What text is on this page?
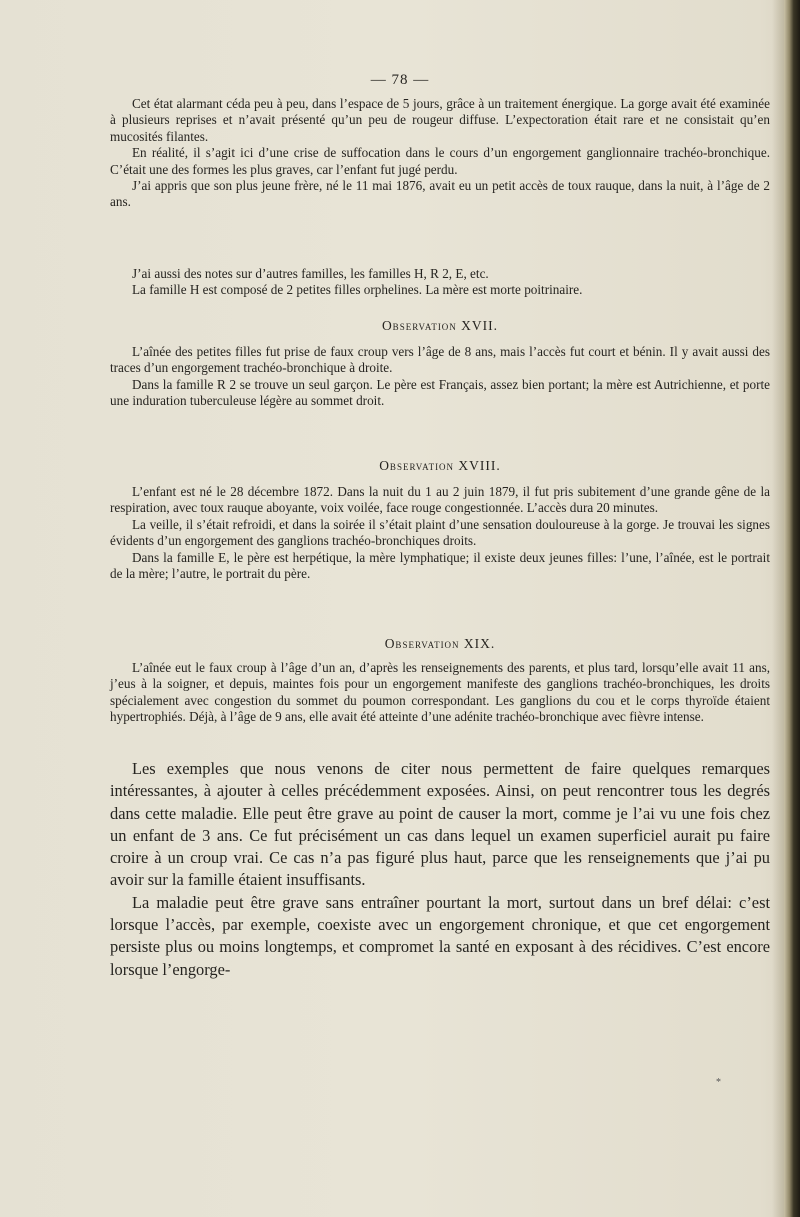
— 78 —

Cet état alarmant céda peu à peu, dans l’espace de 5 jours, grâce à un traitement énergique. La gorge avait été examinée à plusieurs reprises et n’avait présenté qu’un peu de rougeur diffuse. L’expectoration était rare et ne consistait qu’en mucosités filantes.

En réalité, il s’agit ici d’une crise de suffocation dans le cours d’un engorgement ganglionnaire trachéo-bronchique. C’était une des formes les plus graves, car l’enfant fut jugé perdu.

J’ai appris que son plus jeune frère, né le 11 mai 1876, avait eu un petit accès de toux rauque, dans la nuit, à l’âge de 2 ans.

J’ai aussi des notes sur d’autres familles, les familles H, R 2, E, etc.

La famille H est composé de 2 petites filles orphelines. La mère est morte poitrinaire.

Observation XVII.

L’aînée des petites filles fut prise de faux croup vers l’âge de 8 ans, mais l’accès fut court et bénin. Il y avait aussi des traces d’un engorgement trachéo-bronchique à droite.

Dans la famille R 2 se trouve un seul garçon. Le père est Français, assez bien portant; la mère est Autrichienne, et porte une induration tuberculeuse légère au sommet droit.

Observation XVIII.

L’enfant est né le 28 décembre 1872. Dans la nuit du 1 au 2 juin 1879, il fut pris subitement d’une grande gêne de la respiration, avec toux rauque aboyante, voix voilée, face rouge congestionnée. L’accès dura 20 minutes.

La veille, il s’était refroidi, et dans la soirée il s’était plaint d’une sensation douloureuse à la gorge. Je trouvai les signes évidents d’un engorgement des ganglions trachéo-bronchiques droits.

Dans la famille E, le père est herpétique, la mère lymphatique; il existe deux jeunes filles: l’une, l’aînée, est le portrait de la mère; l’autre, le portrait du père.

Observation XIX.

L’aînée eut le faux croup à l’âge d’un an, d’après les renseignements des parents, et plus tard, lorsqu’elle avait 11 ans, j’eus à la soigner, et depuis, maintes fois pour un engorgement manifeste des ganglions trachéo-bronchiques, les droits spécialement avec congestion du sommet du poumon correspondant. Les ganglions du cou et le corps thyroïde étaient hypertrophiés. Déjà, à l’âge de 9 ans, elle avait été atteinte d’une adénite trachéo-bronchique avec fièvre intense.

Les exemples que nous venons de citer nous permettent de faire quelques remarques intéressantes, à ajouter à celles précédemment exposées. Ainsi, on peut rencontrer tous les degrés dans cette maladie. Elle peut être grave au point de causer la mort, comme je l’ai vu une fois chez un enfant de 3 ans. Ce fut précisément un cas dans lequel un examen superficiel aurait pu faire croire à un croup vrai. Ce cas n’a pas figuré plus haut, parce que les renseignements que j’ai pu avoir sur la famille étaient insuffisants.

La maladie peut être grave sans entraîner pourtant la mort, surtout dans un bref délai: c’est lorsque l’accès, par exemple, coexiste avec un engorgement chronique, et que cet engorgement persiste plus ou moins longtemps, et compromet la santé en exposant à des récidives. C’est encore lorsque l’engorge-

*
